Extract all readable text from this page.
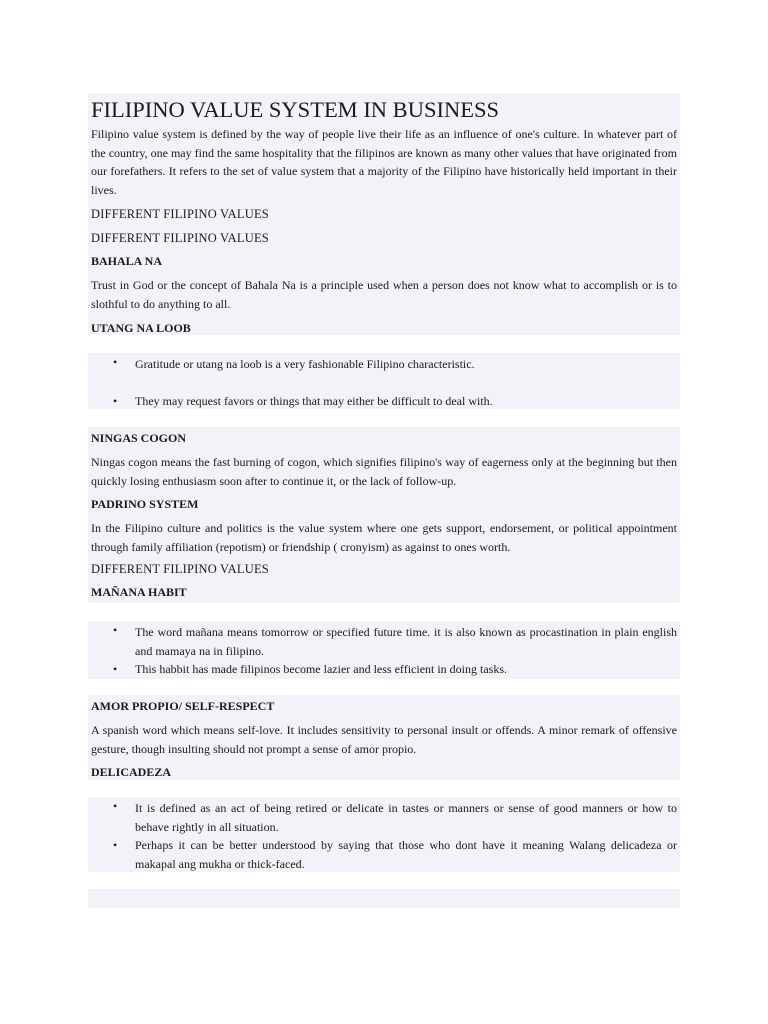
FILIPINO VALUE SYSTEM IN BUSINESS

Filipino value system is defined by the way of people live their life as an influence of one's culture. In whatever part of the country, one may find the same hospitality that the filipinos are known as many other values that have originated from our forefathers. It refers to the set of value system that a majority of the Filipino have historically held important in their lives.

DIFFERENT FILIPINO VALUES

DIFFERENT FILIPINO VALUES

BAHALA NA

Trust in God or the concept of Bahala Na is a principle used when a person does not know what to accomplish or is to slothful to do anything to all.

UTANG NA LOOB

• Gratitude or utang na loob is a very fashionable Filipino characteristic.
• They may request favors or things that may either be difficult to deal with.

NINGAS COGON

Ningas cogon means the fast burning of cogon, which signifies filipino's way of eagerness only at the beginning but then quickly losing enthusiasm soon after to continue it, or the lack of follow-up.

PADRINO SYSTEM

In the Filipino culture and politics is the value system where one gets support, endorsement, or political appointment through family affiliation (repotism) or friendship ( cronyism) as against to ones worth.

DIFFERENT FILIPINO VALUES

MAÑANA HABIT

• The word mañana means tomorrow or specified future time. it is also known as procastination in plain english and mamaya na in filipino.
• This habbit has made filipinos become lazier and less efficient in doing tasks.

AMOR PROPIO/ SELF-RESPECT

A spanish word which means self-love. It includes sensitivity to personal insult or offends. A minor remark of offensive gesture, though insulting should not prompt a sense of amor propio.

DELICADEZA

• It is defined as an act of being retired or delicate in tastes or manners or sense of good manners or how to behave rightly in all situation.
• Perhaps it can be better understood by saying that those who dont have it meaning Walang delicadeza or makapal ang mukha or thick-faced.
